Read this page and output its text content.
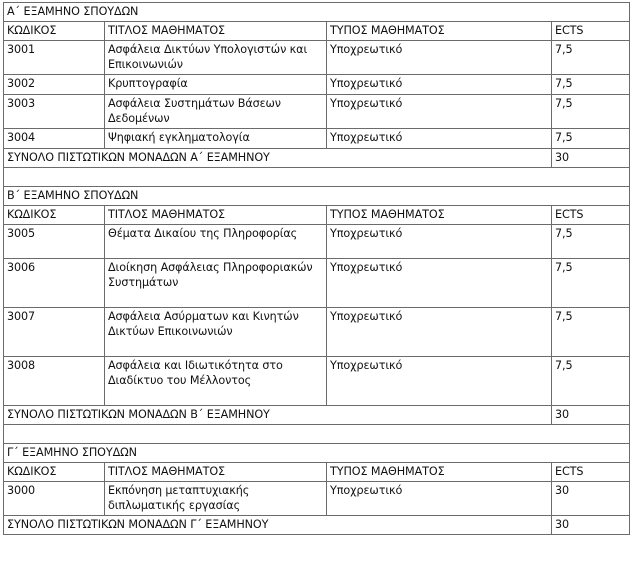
Α΄ ΕΞΑΜΗΝΟ ΣΠΟΥΔΩΝ			
ΚΩΔΙΚΟΣ	ΤΙΤΛΟΣ ΜΑΘΗΜΑΤΟΣ	ΤΥΠΟΣ ΜΑΘΗΜΑΤΟΣ	ECTS
3001	Ασφάλεια Δικτύων Υπολογιστών και Επικοινωνιών	Υποχρεωτικό	7,5
3002	Κρυπτογραφία	Υποχρεωτικό	7,5
3003	Ασφάλεια Συστημάτων Βάσεων Δεδομένων	Υποχρεωτικό	7,5
3004	Ψηφιακή εγκληματολογία	Υποχρεωτικό	7,5
ΣΥΝΟΛΟ ΠΙΣΤΩΤΙΚΩΝ ΜΟΝΑΔΩΝ Α΄ ΕΞΑΜΗΝΟΥ			30

Β΄ ΕΞΑΜΗΝΟ ΣΠΟΥΔΩΝ			
ΚΩΔΙΚΟΣ	ΤΙΤΛΟΣ ΜΑΘΗΜΑΤΟΣ	ΤΥΠΟΣ ΜΑΘΗΜΑΤΟΣ	ECTS
3005	Θέματα Δικαίου της Πληροφορίας	Υποχρεωτικό	7,5
3006	Διοίκηση Ασφάλειας Πληροφοριακών Συστημάτων	Υποχρεωτικό	7,5
3007	Ασφάλεια Ασύρματων και Κινητών Δικτύων Επικοινωνιών	Υποχρεωτικό	7,5
3008	Ασφάλεια και Ιδιωτικότητα στο Διαδίκτυο του Μέλλοντος	Υποχρεωτικό	7,5
ΣΥΝΟΛΟ ΠΙΣΤΩΤΙΚΩΝ ΜΟΝΑΔΩΝ Β΄ ΕΞΑΜΗΝΟΥ			30

Γ΄ ΕΞΑΜΗΝΟ ΣΠΟΥΔΩΝ			
ΚΩΔΙΚΟΣ	ΤΙΤΛΟΣ ΜΑΘΗΜΑΤΟΣ	ΤΥΠΟΣ ΜΑΘΗΜΑΤΟΣ	ECTS
3000	Εκπόνηση μεταπτυχιακής διπλωματικής εργασίας	Υποχρεωτικό	30
ΣΥΝΟΛΟ ΠΙΣΤΩΤΙΚΩΝ ΜΟΝΑΔΩΝ Γ΄ ΕΞΑΜΗΝΟΥ			30
